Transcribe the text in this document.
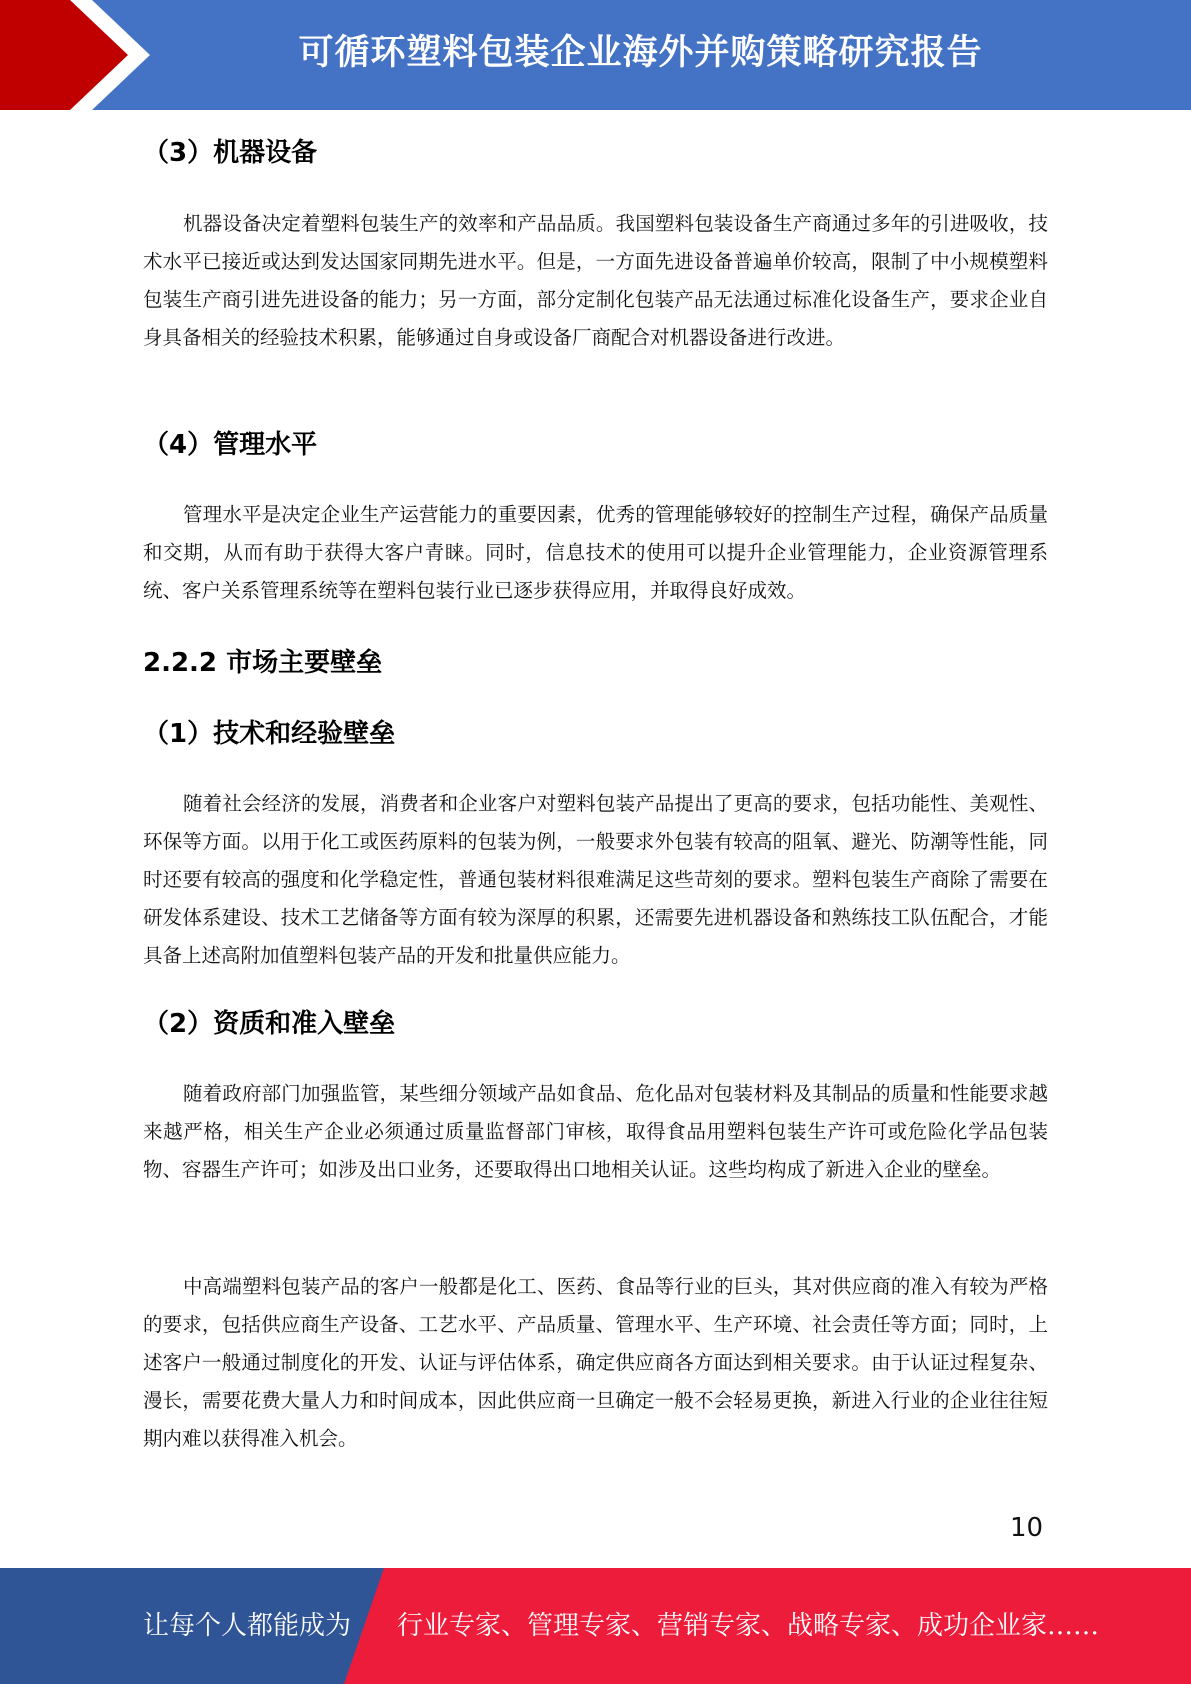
可循环塑料包装企业海外并购策略研究报告
（3）机器设备

机器设备决定着塑料包装生产的效率和产品品质。我国塑料包装设备生产商通过多年的引进吸收，技术水平已接近或达到发达国家同期先进水平。但是，一方面先进设备普遍单价较高，限制了中小规模塑料包装生产商引进先进设备的能力；另一方面，部分定制化包装产品无法通过标准化设备生产，要求企业自身具备相关的经验技术积累，能够通过自身或设备厂商配合对机器设备进行改进。

（4）管理水平

管理水平是决定企业生产运营能力的重要因素，优秀的管理能够较好的控制生产过程，确保产品质量和交期，从而有助于获得大客户青睐。同时，信息技术的使用可以提升企业管理能力，企业资源管理系统、客户关系管理系统等在塑料包装行业已逐步获得应用，并取得良好成效。

2.2.2 市场主要壁垒
（1）技术和经验壁垒

随着社会经济的发展，消费者和企业客户对塑料包装产品提出了更高的要求，包括功能性、美观性、环保等方面。以用于化工或医药原料的包装为例，一般要求外包装有较高的阻氧、避光、防潮等性能，同时还要有较高的强度和化学稳定性，普通包装材料很难满足这些苛刻的要求。塑料包装生产商除了需要在研发体系建设、技术工艺储备等方面有较为深厚的积累，还需要先进机器设备和熟练技工队伍配合，才能具备上述高附加值塑料包装产品的开发和批量供应能力。

（2）资质和准入壁垒

随着政府部门加强监管，某些细分领域产品如食品、危化品对包装材料及其制品的质量和性能要求越来越严格，相关生产企业必须通过质量监督部门审核，取得食品用塑料包装生产许可或危险化学品包装物、容器生产许可；如涉及出口业务，还要取得出口地相关认证。这些均构成了新进入企业的壁垒。

中高端塑料包装产品的客户一般都是化工、医药、食品等行业的巨头，其对供应商的准入有较为严格的要求，包括供应商生产设备、工艺水平、产品质量、管理水平、生产环境、社会责任等方面；同时，上述客户一般通过制度化的开发、认证与评估体系，确定供应商各方面达到相关要求。由于认证过程复杂、漫长，需要花费大量人力和时间成本，因此供应商一旦确定一般不会轻易更换，新进入行业的企业往往短期内难以获得准入机会。

10
让每个人都能成为 行业专家、管理专家、营销专家、战略专家、成功企业家……
